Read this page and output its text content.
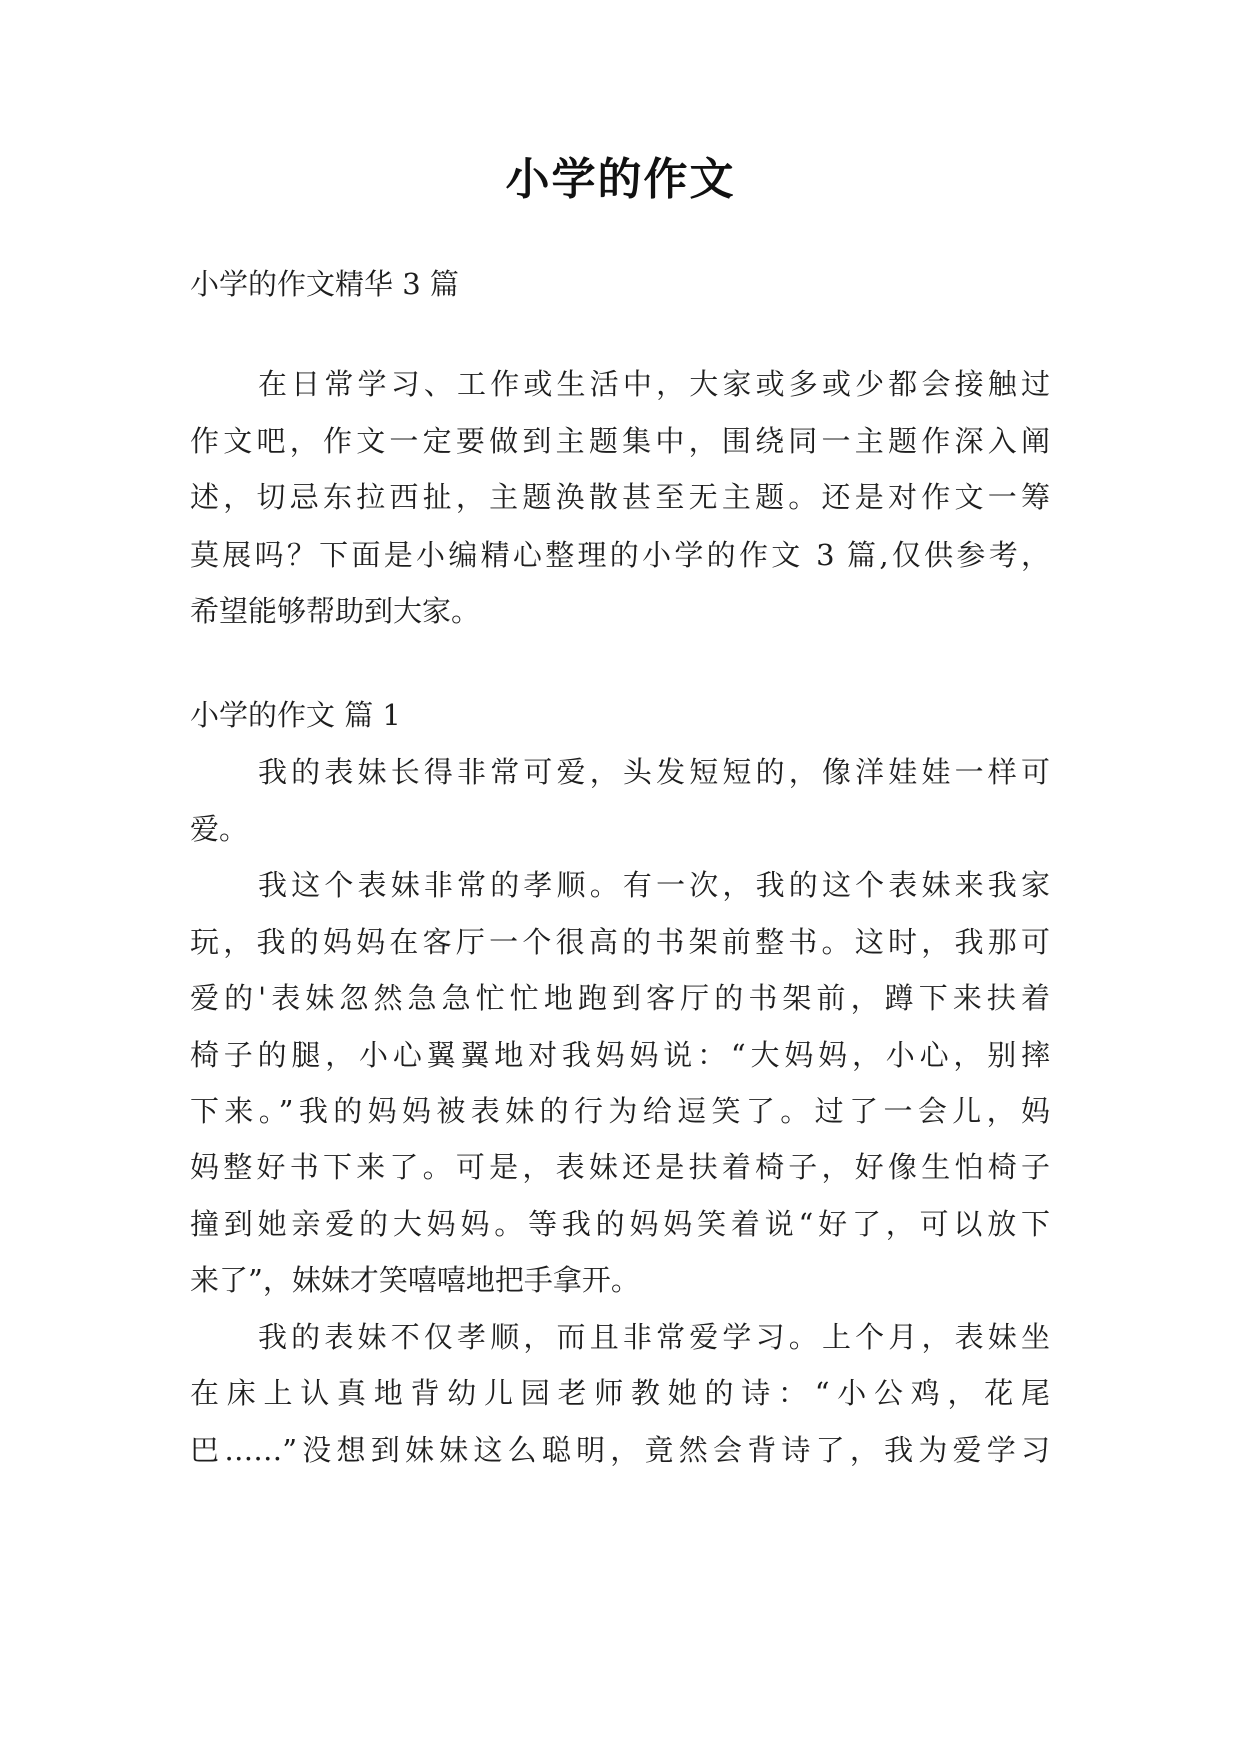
小学的作文
小学的作文精华 3 篇
在日常学习、工作或生活中，大家或多或少都会接触过
作文吧，作文一定要做到主题集中，围绕同一主题作深入阐
述，切忌东拉西扯，主题涣散甚至无主题。还是对作文一筹
莫展吗？下面是小编精心整理的小学的作文 3 篇,仅供参考，
希望能够帮助到大家。
小学的作文 篇 1
我的表妹长得非常可爱，头发短短的，像洋娃娃一样可
爱。
我这个表妹非常的孝顺。有一次，我的这个表妹来我家
玩，我的妈妈在客厅一个很高的书架前整书。这时，我那可
爱的'表妹忽然急急忙忙地跑到客厅的书架前，蹲下来扶着
椅子的腿，小心翼翼地对我妈妈说：“大妈妈，小心，别摔
下来。”我的妈妈被表妹的行为给逗笑了。过了一会儿，妈
妈整好书下来了。可是，表妹还是扶着椅子，好像生怕椅子
撞到她亲爱的大妈妈。等我的妈妈笑着说“好了，可以放下
来了”，妹妹才笑嘻嘻地把手拿开。
我的表妹不仅孝顺，而且非常爱学习。上个月，表妹坐
在床上认真地背幼儿园老师教她的诗：“小公鸡，花尾
巴……”没想到妹妹这么聪明，竟然会背诗了，我为爱学习
